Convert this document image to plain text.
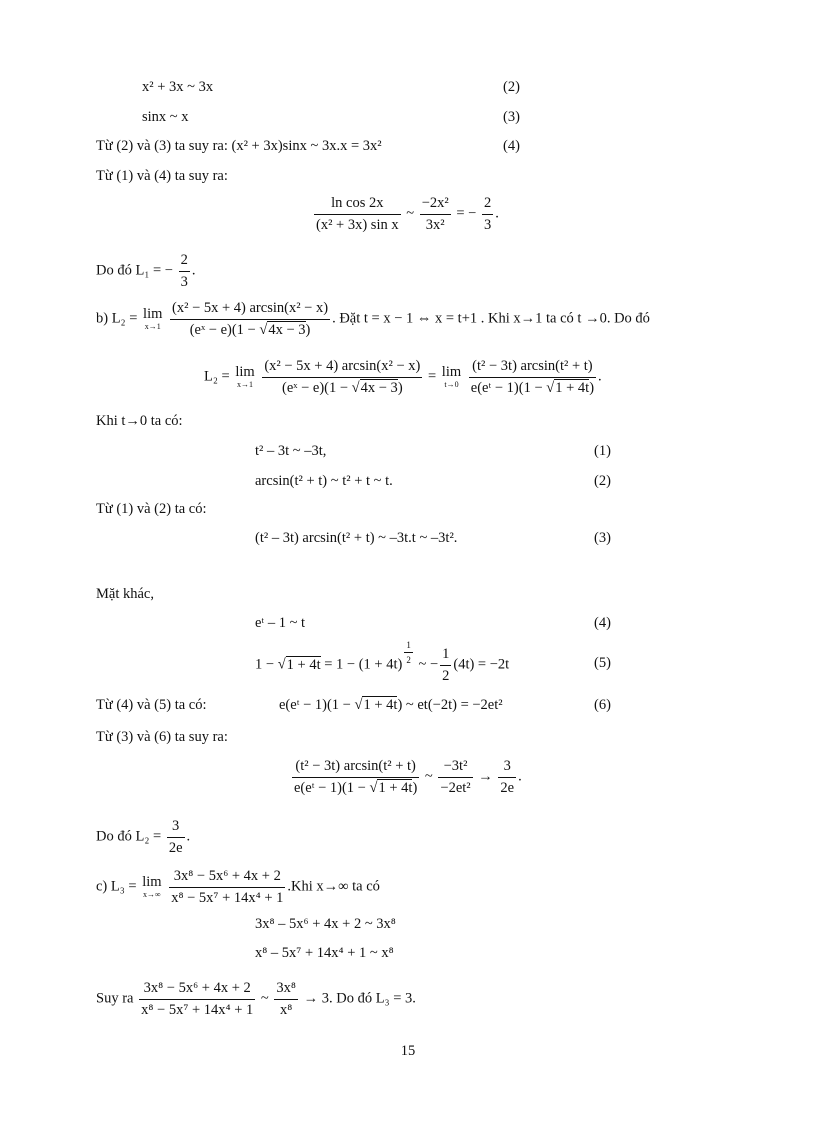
x² + 3x ~ 3x	(2)
sinx ~ x	(3)
Từ (2) và (3) ta suy ra: (x² + 3x)sinx ~ 3x.x = 3x²	(4)
Từ (1) và (4) ta suy ra:
$\frac{\text{ln cos 2x}}{\text{(x² + 3x) sin x}}$ ~ $\frac{\text{−2x²}}{\text{3x²}}$ = − $\frac{2}{3}$ .
Do đó L₁ = − $\frac{2}{3}$ .
b) L₂ = lim
x→1
$\frac{\text{(x² − 5x + 4) arcsin(x² − x)}}{\text{(eˣ − e)(1 − √4x − 3)}}$ . Đặt t = x − 1 ⇔ x = t+1 . Khi x→1 ta có t →0. Do đó
L₂ = lim
x→1
$\frac{\text{(x² − 5x + 4) arcsin(x² − x)}}{\text{(eˣ − e)(1 − √4x − 3)}} = \lim$
t→0
$\frac{\text{(t² − 3t) arcsin(t² + t)}}{\text{e(eᵗ − 1)(1 − √1 + 4t)}}$ .
Khi t→0 ta có:
t² – 3t ~ –3t,	(1)
arcsin(t² + t) ~ t² + t ~ t.	(2)
Từ (1) và (2) ta có:
(t² – 3t) arcsin(t² + t) ~ –3t.t ~ –3t².	(3)
Mặt khác,
eᵗ – 1 ~ t	(4)
$1 - √1 + 4t = 1 - (1 + 4t) \frac{1}{2}$ ~ − $\frac{1}{2} (4t) = -2t$	(5)
Từ (4) và (5) ta có:	e(eᵗ − 1)(1 − √1 + 4t) ~ et(−2t) = −2et²	(6)
Từ (3) và (6) ta suy ra:
$\frac{\text{(t² − 3t) arcsin(t² + t)}}{\text{e(eᵗ − 1)(1 − √1 + 4t)}}$ ~ $\frac{\text{−3t²}}{\text{−2et²}} \to \frac{3}{2e}$ .
Do đó $L_2 = \frac{3}{2e}$ .
c) L₃ = lim
x→∞
$\frac{\text{3x⁸ − 5x⁶ + 4x + 2}}{\text{x⁸ − 5x⁷ + 14x⁴ + 1}} .Khi$ x→∞ ta có
3x⁸ – 5x⁶ + 4x + 2 ~ 3x⁸
x⁸ – 5x⁷ + 14x⁴ + 1 ~ x⁸
Suy ra $\frac{\text{3x⁸ − 5x⁶ + 4x + 2}}{\text{x⁸ − 5x⁷ + 14x⁴ + 1}}$ ~ $\frac{\text{3x⁸}}{\text{x⁸}} \to 3$. Do đó L₃ = 3.
15
